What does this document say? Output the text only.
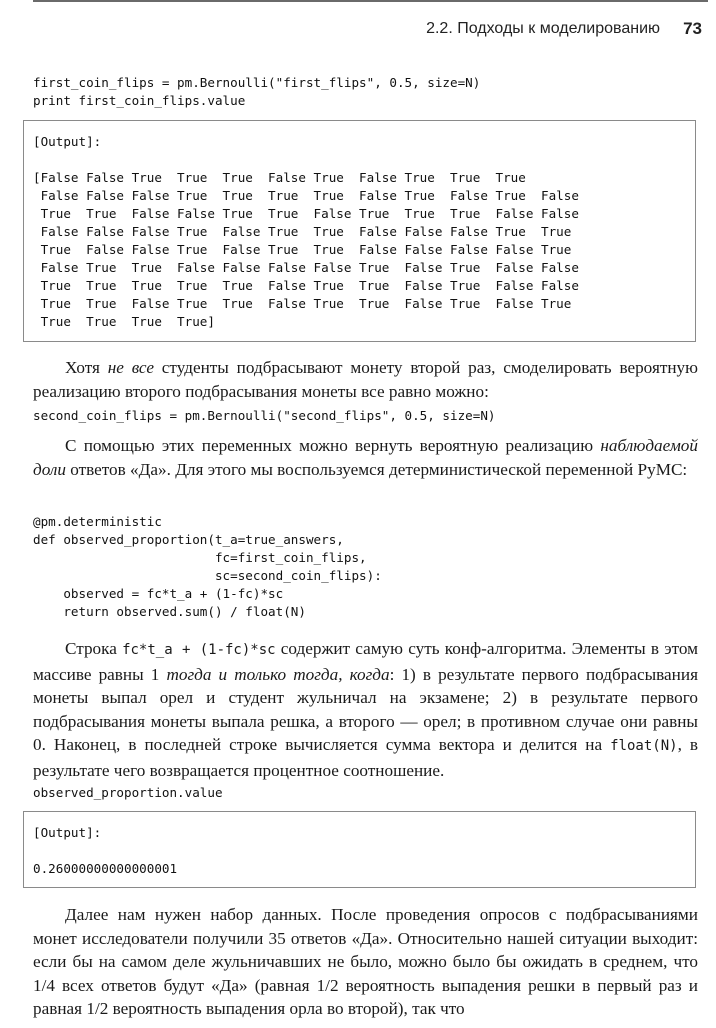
2.2. Подходы к моделированию 73
first_coin_flips = pm.Bernoulli("first_flips", 0.5, size=N)
print first_coin_flips.value
[Output]:
[False False True  True  True  False True  False True  True  True
False False False True  True  True  True  False True  False True  False
True  True  False False True  True  False True  True  True  False False
False False False True  False True  True  False False False True  True
True  False False True  False True  True  False False False False True
False True  True  False False False False True  False True  False False
True  True  True  True  True  False True  True  False True  False False
True  True  False True  True  False True  True  False True  False True
True  True  True  True]

Хотя не все студенты подбрасывают монету второй раз, смоделировать вероятную реализацию второго подбрасывания монеты все равно можно:

second_coin_flips = pm.Bernoulli("second_flips", 0.5, size=N)

С помощью этих переменных можно вернуть вероятную реализацию наблюдаемой доли ответов «Да». Для этого мы воспользуемся детерминистической переменной PyMC:

@pm.deterministic
def observed_proportion(t_a=true_answers,
fc=first_coin_flips,
sc=second_coin_flips):
observed = fc*t_a + (1-fc)*sc
return observed.sum() / float(N)

Строка fc*t_a + (1-fc)*sc содержит самую суть конф-алгоритма. Элементы в этом массиве равны 1 тогда и только тогда, когда: 1) в результате первого подбрасывания монеты выпал орел и студент жульничал на экзамене; 2) в результате первого подбрасывания монеты выпала решка, а второго — орел; в противном случае они равны 0. Наконец, в последней строке вычисляется сумма вектора и делится на float(N), в результате чего возвращается процентное соотношение.

observed_proportion.value
[Output]:
0.26000000000000001

Далее нам нужен набор данных. После проведения опросов с подбрасываниями монет исследователи получили 35 ответов «Да». Относительно нашей ситуации выходит: если бы на самом деле жульничавших не было, можно было бы ожидать в среднем, что 1/4 всех ответов будут «Да» (равная 1/2 вероятность выпадения решки в первый раз и равная 1/2 вероятность выпадения орла во второй), так что
